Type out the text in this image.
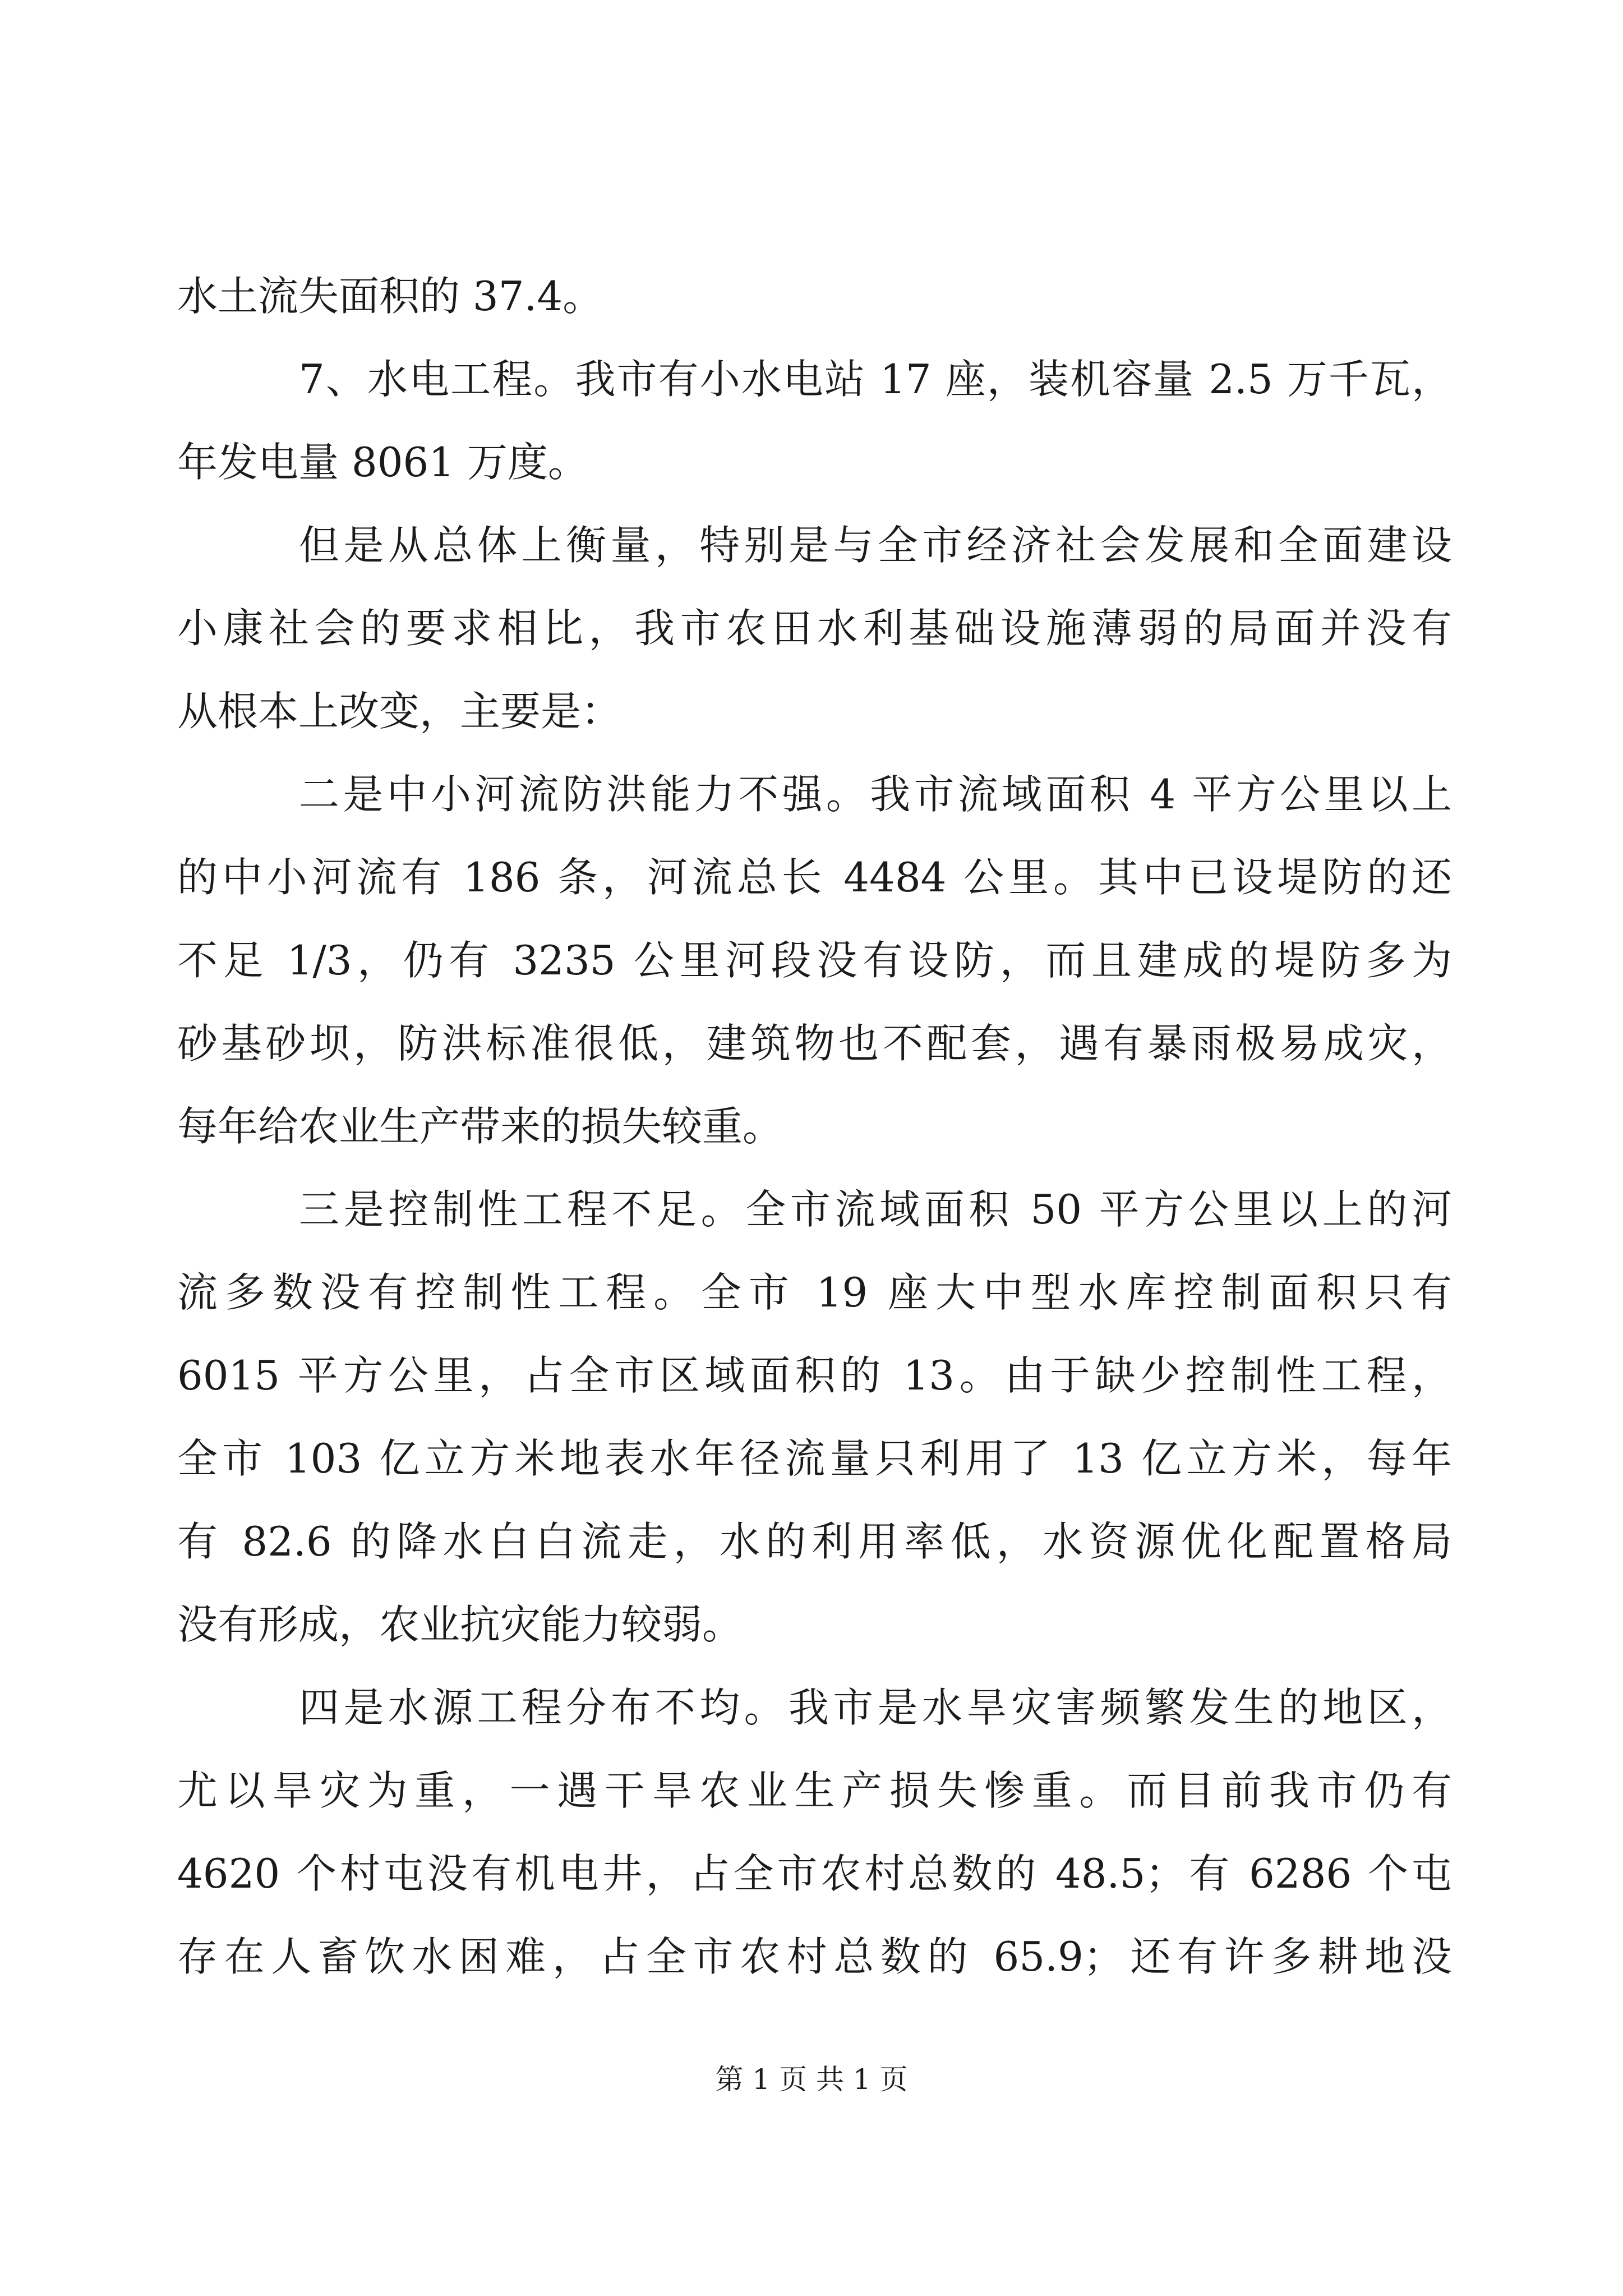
水土流失面积的 37.4。
7、水电工程。我市有小水电站 17 座，装机容量 2.5 万千瓦，
年发电量 8061 万度。
但是从总体上衡量，特别是与全市经济社会发展和全面建设
小康社会的要求相比，我市农田水利基础设施薄弱的局面并没有
从根本上改变，主要是：
二是中小河流防洪能力不强。我市流域面积 4 平方公里以上
的中小河流有 186 条，河流总长 4484 公里。其中已设堤防的还
不足 1/3，仍有 3235 公里河段没有设防，而且建成的堤防多为
砂基砂坝，防洪标准很低，建筑物也不配套，遇有暴雨极易成灾，
每年给农业生产带来的损失较重。
三是控制性工程不足。全市流域面积 50 平方公里以上的河
流多数没有控制性工程。全市 19 座大中型水库控制面积只有
6015 平方公里，占全市区域面积的 13。由于缺少控制性工程，
全市 103 亿立方米地表水年径流量只利用了 13 亿立方米，每年
有 82.6 的降水白白流走，水的利用率低，水资源优化配置格局
没有形成，农业抗灾能力较弱。
四是水源工程分布不均。我市是水旱灾害频繁发生的地区，
尤以旱灾为重，一遇干旱农业生产损失惨重。而目前我市仍有
4620 个村屯没有机电井，占全市农村总数的 48.5；有 6286 个屯
存在人畜饮水困难，占全市农村总数的 65.9；还有许多耕地没
第 1 页 共 1 页
